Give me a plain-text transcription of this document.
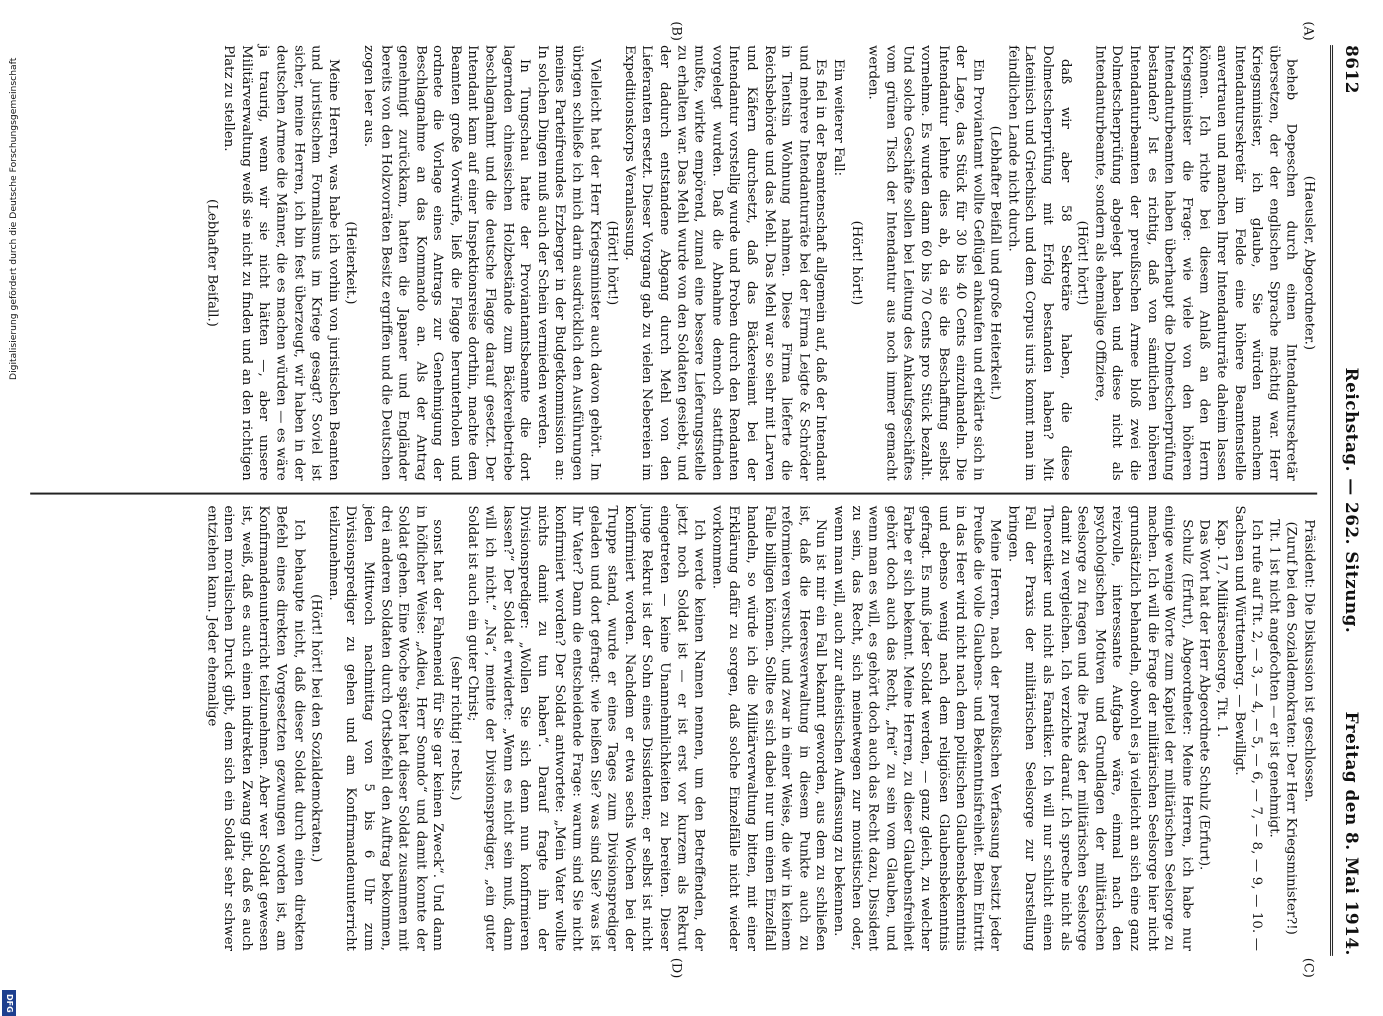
Digitalisierung gefördert durch die Deutsche Forschungsgemeinschaft
DFG
8612
Reichstag. — 262. Sitzung.
Freitag den 8. Mai 1914.
(A)
(B)
(C)
(D)

(Haeusler, Abgeordneter.)

beheb Depeschen durch einen Intendantursekretär übersetzen, der der englischen Sprache mächtig war. Herr Kriegsminister, ich glaube, Sie würden manchem Intendantursekretär im Felde eine höhere Beamtenstelle anvertrauen und manchen Ihrer Intendanturräte daheim lassen können. Ich richte bei diesem Anlaß an den Herrn Kriegsminister die Frage: wie viele von den höheren Intendanturbeamten haben überhaupt die Dolmetscherprüfung bestanden? Ist es richtig, daß von sämtlichen höheren Intendanturbeamten der preußischen Armee bloß zwei die Dolmetscherprüfung abgelegt haben und diese nicht als Intendanturbeamte, sondern als ehemalige Offiziere,

(Hört! hört!)

daß wir aber 58 Sekretäre haben, die diese Dolmetscherprüfung mit Erfolg bestanden haben? Mit Lateinisch und Griechisch und dem Corpus iuris kommt man im feindlichen Lande nicht durch.

(Lebhafter Beifall und große Heiterkeit.)

Ein Proviantamt wollte Geflügel ankaufen und erklärte sich in der Lage, das Stück für 30 bis 40 Cents einzuhandeln. Die Intendantur lehnte dies ab, da sie die Beschaffung selbst vornehme. Es wurden dann 60 bis 70 Cents pro Stück bezahlt. Und solche Geschäfte sollen bei Leitung des Ankaufsgeschäftes vom grünen Tisch der Intendantur aus noch immer gemacht werden.

(Hört! hört!)

Ein weiterer Fall:

Es fiel in der Beamtenschaft allgemein auf, daß der Intendant und mehrere Intendanturräte bei der Firma Leigte & Schröder in Tientsin Wohnung nahmen. Diese Firma lieferte die Reichsbehörde und das Mehl. Das Mehl war so sehr mit Larven und Käfern durchsetzt, daß das Bäckereiamt bei der Intendantur vorstellig wurde und Proben durch den Rendanten vorgelegt wurden. Daß die Abnahme dennoch stattfinden mußte, wirkte empörend, zumal eine bessere Lieferungsstelle zu erhalten war. Das Mehl wurde von den Soldaten gesiebt, und der dadurch entstandene Abgang durch Mehl von den Lieferanten ersetzt. Dieser Vorgang gab zu vielen Nebereien im Expeditionskorps Veranlassung.

(Hört! hört!)

Vielleicht hat der Herr Kriegsminister auch davon gehört. Im übrigen schließe ich mich darin ausdrücklich den Ausführungen meines Parteifreundes Erzberger in der Budgetkommission an: In solchen Dingen muß auch der Schein vermieden werden.

In Tungschau hatte der Proviantamtsbeamte die dort lagernden chinesischen Holzbestände zum Bäckereibetriebe beschlagnahmt und die deutsche Flagge darauf gesetzt. Der Intendant kam auf einer Inspektionsreise dorthin, machte dem Beamten große Vorwürfe, ließ die Flagge herunterholen und ordnete die Vorlage eines Antrags zur Genehmigung der Beschlagnahme an das Kommando an. Als der Antrag genehmigt zurückkam, hatten die Japaner und Engländer bereits von den Holzvorräten Besitz ergriffen und die Deutschen zogen leer aus.

(Heiterkeit.)

Meine Herren, was habe ich vorhin von juristischen Beamten und juristischem Formalismus im Kriege gesagt? Soviel ist sicher, meine Herren, ich bin fest überzeugt, wir haben in der deutschen Armee die Männer, die es machen würden — es wäre ja traurig, wenn wir sie nicht hätten —, aber unsere Militärverwaltung weiß sie nicht zu finden und an den richtigen Platz zu stellen.

(Lebhafter Beifall.)

Präsident: Die Diskussion ist geschlossen.

(Zuruf bei den Sozialdemokraten: Der Herr Kriegsminister?!)

Tit. 1 ist nicht angefochten — er ist genehmigt.

Ich rufe auf Tit. 2, — 3, — 4, — 5, — 6, — 7, — 8, — 9, — 10. — Sachsen und Württemberg. — Bewilligt.

Kap. 17, Militärseelsorge, Tit. 1.

Das Wort hat der Herr Abgeordnete Schulz (Erfurt).

Schulz (Erfurt), Abgeordneter: Meine Herren, ich habe nur einige wenige Worte zum Kapitel der militärischen Seelsorge zu machen. Ich will die Frage der militärischen Seelsorge hier nicht grundsätzlich behandeln, obwohl es ja vielleicht an sich eine ganz reizvolle, interessante Aufgabe wäre, einmal nach den psychologischen Motiven und Grundlagen der militärischen Seelsorge zu fragen und die Praxis der militärischen Seelsorge damit zu vergleichen. Ich verzichte darauf. Ich spreche nicht als Theoretiker und nicht als Fanatiker. Ich will nur schlicht einen Fall der Praxis der militärischen Seelsorge zur Darstellung bringen.

Meine Herren, nach der preußischen Verfassung besitzt jeder Preuße die volle Glaubens- und Bekenntnisfreiheit. Beim Eintritt in das Heer wird nicht nach dem politischen Glaubensbekenntnis und ebenso wenig nach dem religiösen Glaubensbekenntnis gefragt. Es muß jeder Soldat werden, — ganz gleich, zu welcher Farbe er sich bekennt. Meine Herren, zu dieser Glaubensfreiheit gehört doch auch das Recht, „frei“ zu sein vom Glauben, und wenn man es will, es gehört doch auch das Recht dazu, Dissident zu sein, das Recht, sich meinetwegen zur monistischen oder, wenn man will, auch zur atheistischen Auffassung zu bekennen.

Nun ist mir ein Fall bekannt geworden, aus dem zu schließen ist, daß die Heeresverwaltung in diesem Punkte auch zu reformieren versucht, und zwar in einer Weise, die wir in keinem Falle billigen können. Sollte es sich dabei nur um einen Einzelfall handeln, so würde ich die Militärverwaltung bitten, mit einer Erklärung dafür zu sorgen, daß solche Einzelfälle nicht wieder vorkommen.

Ich werde keinen Namen nennen, um den Betreffenden, der jetzt noch Soldat ist — er ist erst vor kurzem als Rekrut eingetreten — keine Unannehmlichkeiten zu bereiten. Dieser junge Rekrut ist der Sohn eines Dissidenten; er selbst ist nicht konfirmiert worden. Nachdem er etwa sechs Wochen bei der Truppe stand, wurde er eines Tages zum Divisionsprediger geladen und dort gefragt: wie heißen Sie? was sind Sie? was ist Ihr Vater? Dann die entscheidende Frage: warum sind Sie nicht konfirmiert worden? Der Soldat antwortete: „Mein Vater wollte nichts damit zu tun haben“. Darauf fragte ihn der Divisionsprediger: „Wollen Sie sich denn nun konfirmieren lassen?“ Der Soldat erwiderte: „Wenn es nicht sein muß, dann will ich nicht.“ „Na“, meinte der Divisionsprediger, „ein guter Soldat ist auch ein guter Christ;

(sehr richtig! rechts.)

sonst hat der Fahneneid für Sie gar keinen Zweck“. Und dann in höflicher Weise: „Adieu, Herr Sonndo“ und damit konnte der Soldat gehen. Eine Woche später hat dieser Soldat zusammen mit drei anderen Soldaten durch Ortsbefehl den Auftrag bekommen, jeden Mittwoch nachmittag von 5 bis 6 Uhr zum Divisionsprediger zu gehen und am Konfirmandenunterricht teilzunehmen.

(Hört! hört! bei den Sozialdemokraten.)

Ich behaupte nicht, daß dieser Soldat durch einen direkten Befehl eines direkten Vorgesetzten gezwungen worden ist, am Konfirmandenunterricht teilzunehmen. Aber wer Soldat gewesen ist, weiß, daß es auch einen indirekten Zwang gibt, daß es auch einen moralischen Druck gibt, dem sich ein Soldat sehr schwer entziehen kann. Jeder ehemalige
